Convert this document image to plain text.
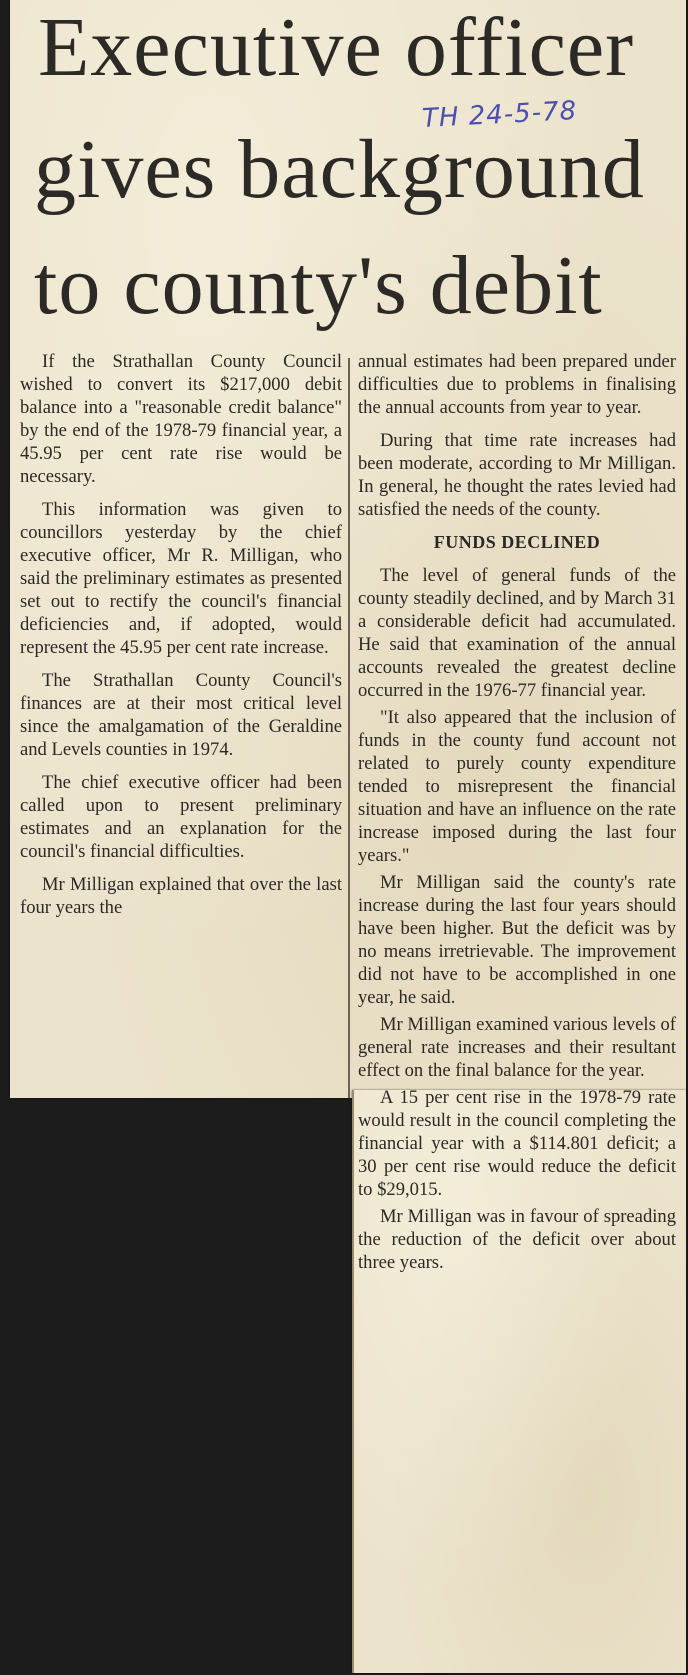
Executive officer
gives background
to county's debit
TH 24-5-78

If the Strathallan County Council wished to convert its $217,000 debit balance into a "reasonable credit balance" by the end of the 1978-79 financial year, a 45.95 per cent rate rise would be necessary.

This information was given to councillors yesterday by the chief executive officer, Mr R. Milligan, who said the preliminary estimates as presented set out to rectify the council's financial deficiencies and, if adopted, would represent the 45.95 per cent rate increase.

The Strathallan County Council's finances are at their most critical level since the amalgamation of the Geraldine and Levels counties in 1974.

The chief executive officer had been called upon to present preliminary estimates and an explanation for the council's financial difficulties.

Mr Milligan explained that over the last four years the

annual estimates had been prepared under difficulties due to problems in finalising the annual accounts from year to year.

During that time rate increases had been moderate, according to Mr Milligan. In general, he thought the rates levied had satisfied the needs of the county.

FUNDS DECLINED

The level of general funds of the county steadily declined, and by March 31 a considerable deficit had accumulated. He said that examination of the annual accounts revealed the greatest decline occurred in the 1976-77 financial year.

"It also appeared that the inclusion of funds in the county fund account not related to purely county expenditure tended to misrepresent the financial situation and have an influence on the rate increase imposed during the last four years."

Mr Milligan said the county's rate increase during the last four years should have been higher. But the deficit was by no means irretrievable. The improvement did not have to be accomplished in one year, he said.

Mr Milligan examined various levels of general rate increases and their resultant effect on the final balance for the year.

A 15 per cent rise in the 1978-79 rate would result in the council completing the financial year with a $114.801 deficit; a 30 per cent rise would reduce the deficit to $29,015.

Mr Milligan was in favour of spreading the reduction of the deficit over about three years.
